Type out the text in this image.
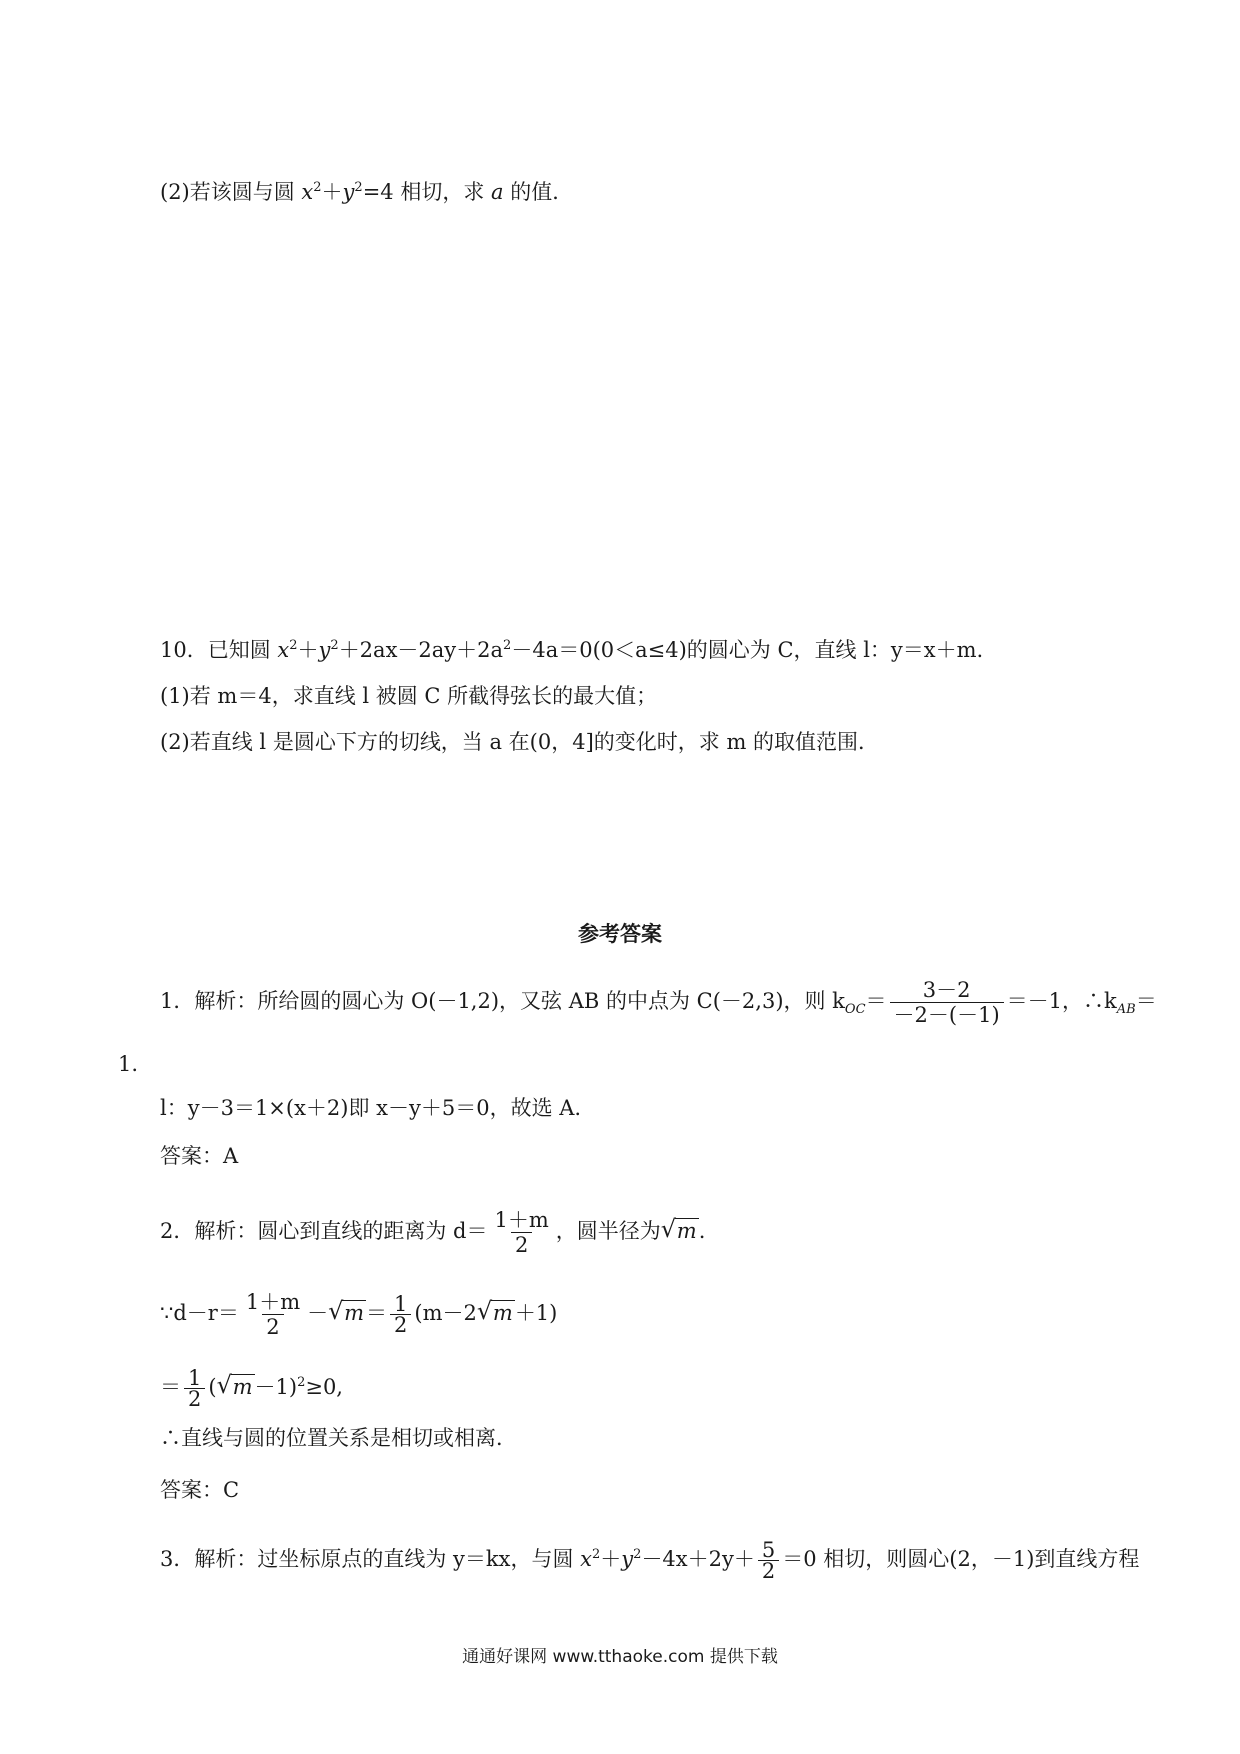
(2)若该圆与圆 $x^2+y^2=4$ 相切，求 a 的值．
10．已知圆 $x^2+y^2+2ax-2ay+2a^2-4a=0(0<a\le 4)$的圆心为 C，直线 l：y＝x＋m.
(1)若 m＝4，求直线 l 被圆 C 所截得弦长的最大值；
(2)若直线 l 是圆心下方的切线，当 a 在(0，4]的变化时，求 m 的取值范围．
参考答案
1．解析：所给圆的圆心为 O(－1,2)，又弦 AB 的中点为 C(－2,3)，则 $k_{OC}= \frac{3-2}{-2-(-1)} =-1$，$\therefore k_{AB}=$
1.
l：y－3＝1×(x＋2)即 x－y＋5＝0，故选 A.
答案：A
2．解析：圆心到直线的距离为 $d= \frac{1+m}{2}$ ，圆半径为√ m.
∵d－r＝ $\frac{1+m}{2}$ －√ $m= \frac{1}{2} (m-2√$ m＋1)
＝ $\frac{1}{2}$ (√ m－1)$^2$≥0,
∴直线与圆的位置关系是相切或相离．
答案：C
3．解析：过坐标原点的直线为 y＝kx，与圆 $x^2+y^2-4x+2y+ \frac{5}{2} =0$ 相切，则圆心(2，－1)到直线方程
通通好课网 www.tthaoke.com 提供下载
